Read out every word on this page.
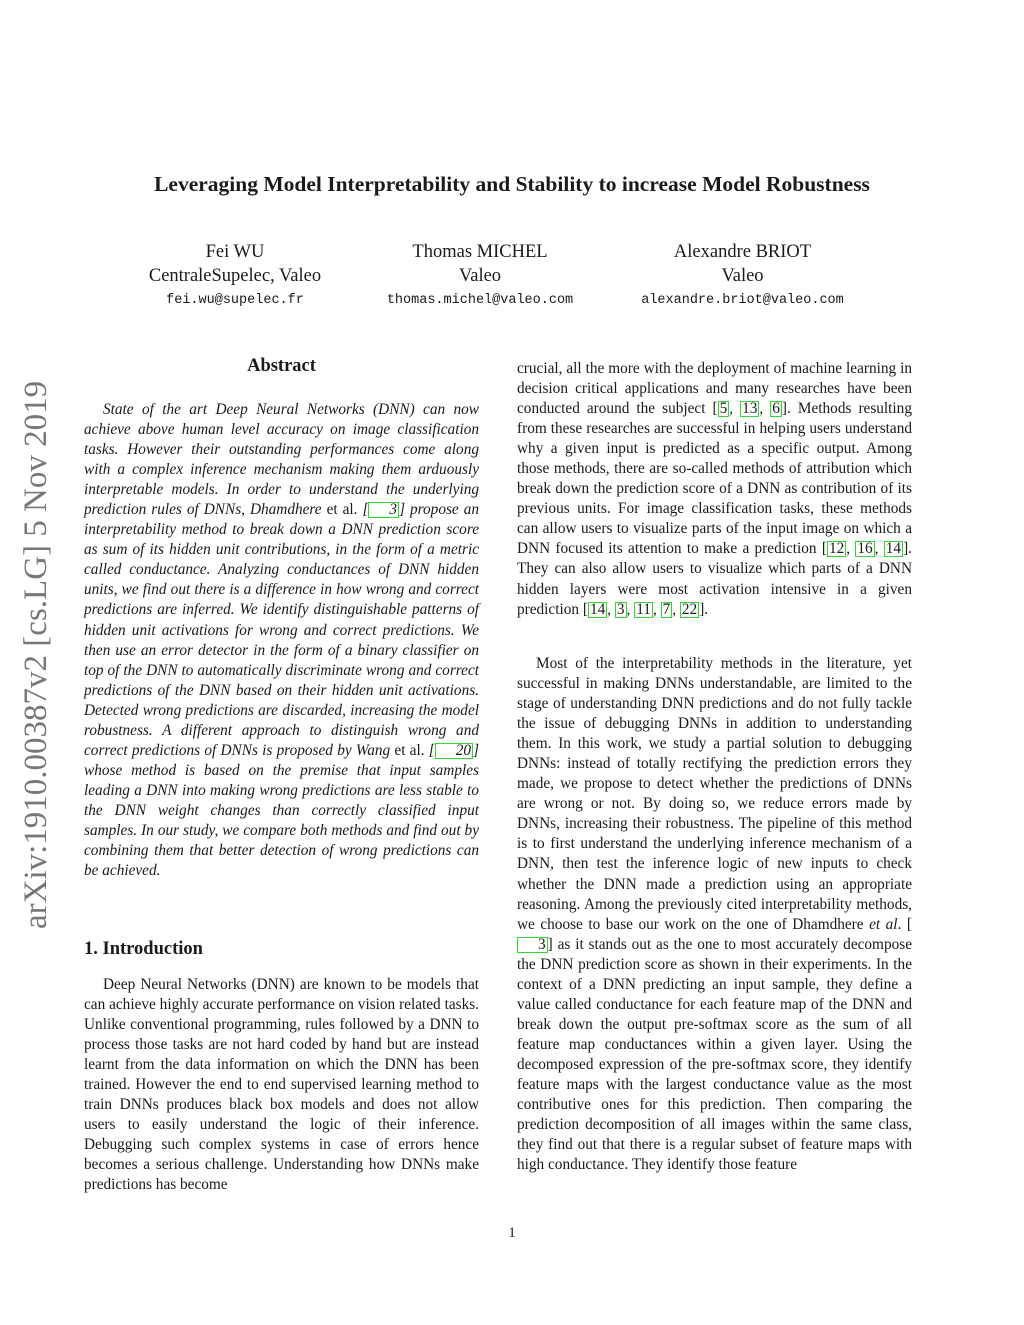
Leveraging Model Interpretability and Stability to increase Model Robustness
Fei WU
CentraleSupelec, Valeo
fei.wu@supelec.fr
Thomas MICHEL
Valeo
thomas.michel@valeo.com
Alexandre BRIOT
Valeo
alexandre.briot@valeo.com
arXiv:1910.00387v2 [cs.LG] 5 Nov 2019
Abstract

State of the art Deep Neural Networks (DNN) can now achieve above human level accuracy on image classification tasks. However their outstanding performances come along with a complex inference mechanism making them arduously interpretable models. In order to understand the underlying prediction rules of DNNs, Dhamdhere et al. [ 3 ] propose an interpretability method to break down a DNN prediction score as sum of its hidden unit contributions, in the form of a metric called conductance. Analyzing conductances of DNN hidden units, we find out there is a difference in how wrong and correct predictions are inferred. We identify distinguishable patterns of hidden unit activations for wrong and correct predictions. We then use an error detector in the form of a binary classifier on top of the DNN to automatically discriminate wrong and correct predictions of the DNN based on their hidden unit activations. Detected wrong predictions are discarded, increasing the model robustness. A different approach to distinguish wrong and correct predictions of DNNs is proposed by Wang et al. [ 20 ] whose method is based on the premise that input samples leading a DNN into making wrong predictions are less stable to the DNN weight changes than correctly classified input samples. In our study, we compare both methods and find out by combining them that better detection of wrong predictions can be achieved.

1. Introduction

Deep Neural Networks (DNN) are known to be models that can achieve highly accurate performance on vision related tasks. Unlike conventional programming, rules followed by a DNN to process those tasks are not hard coded by hand but are instead learnt from the data information on which the DNN has been trained. However the end to end supervised learning method to train DNNs produces black box models and does not allow users to easily understand the logic of their inference. Debugging such complex systems in case of errors hence becomes a serious challenge. Understanding how DNNs make predictions has become

crucial, all the more with the deployment of machine learning in decision critical applications and many researches have been conducted around the subject [ 5 , 13 , 6 ]. Methods resulting from these researches are successful in helping users understand why a given input is predicted as a specific output. Among those methods, there are so-called methods of attribution which break down the prediction score of a DNN as contribution of its previous units. For image classification tasks, these methods can allow users to visualize parts of the input image on which a DNN focused its attention to make a prediction [ 12 , 16 , 14 ]. They can also allow users to visualize which parts of a DNN hidden layers were most activation intensive in a given prediction [ 14 , 3 , 11 , 7 , 22 ].

Most of the interpretability methods in the literature, yet successful in making DNNs understandable, are limited to the stage of understanding DNN predictions and do not fully tackle the issue of debugging DNNs in addition to understanding them. In this work, we study a partial solution to debugging DNNs: instead of totally rectifying the prediction errors they made, we propose to detect whether the predictions of DNNs are wrong or not. By doing so, we reduce errors made by DNNs, increasing their robustness. The pipeline of this method is to first understand the underlying inference mechanism of a DNN, then test the inference logic of new inputs to check whether the DNN made a prediction using an appropriate reasoning. Among the previously cited interpretability methods, we choose to base our work on the one of Dhamdhere et al. [3 ] as it stands out as the one to most accurately decompose the DNN prediction score as shown in their experiments. In the context of a DNN predicting an input sample, they define a value called conductance for each feature map of the DNN and break down the output pre-softmax score as the sum of all feature map conductances within a given layer. Using the decomposed expression of the pre-softmax score, they identify feature maps with the largest conductance value as the most contributive ones for this prediction. Then comparing the prediction decomposition of all images within the same class, they find out that there is a regular subset of feature maps with high conductance. They identify those feature

1
